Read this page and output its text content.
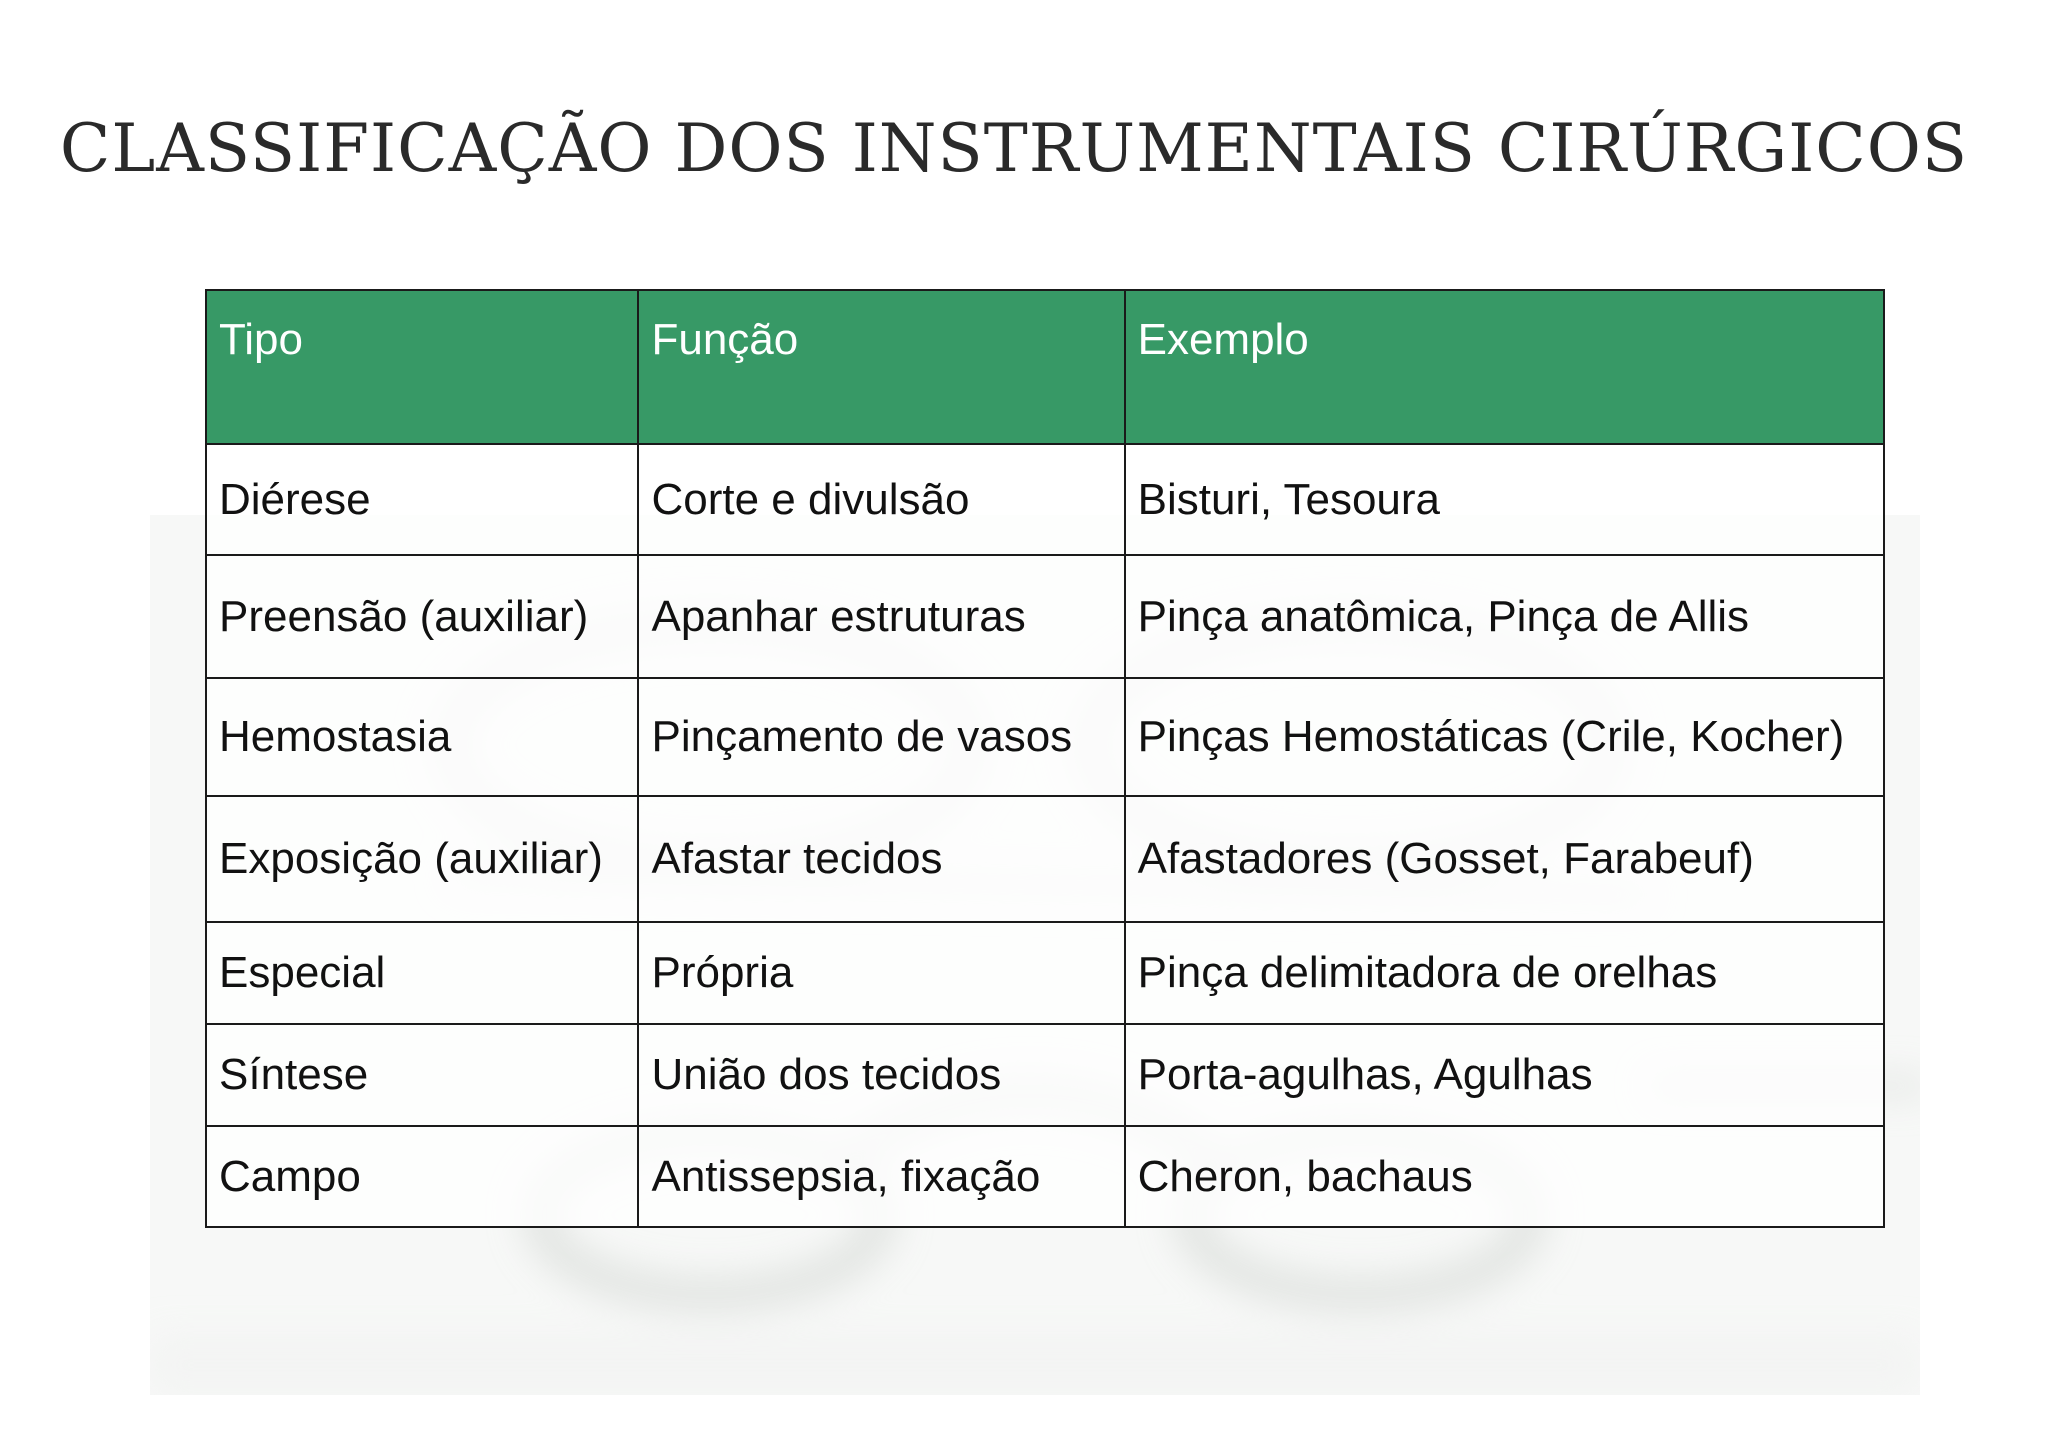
CLASSIFICAÇÃO DOS INSTRUMENTAIS CIRÚRGICOS
Tipo	Função	Exemplo
Diérese	Corte e divulsão	Bisturi, Tesoura
Preensão (auxiliar)	Apanhar estruturas	Pinça anatômica, Pinça de Allis
Hemostasia	Pinçamento de vasos	Pinças Hemostáticas (Crile, Kocher)
Exposição (auxiliar)	Afastar tecidos	Afastadores (Gosset, Farabeuf)
Especial	Própria	Pinça delimitadora de orelhas
Síntese	União dos tecidos	Porta-agulhas, Agulhas
Campo	Antissepsia, fixação	Cheron, bachaus
